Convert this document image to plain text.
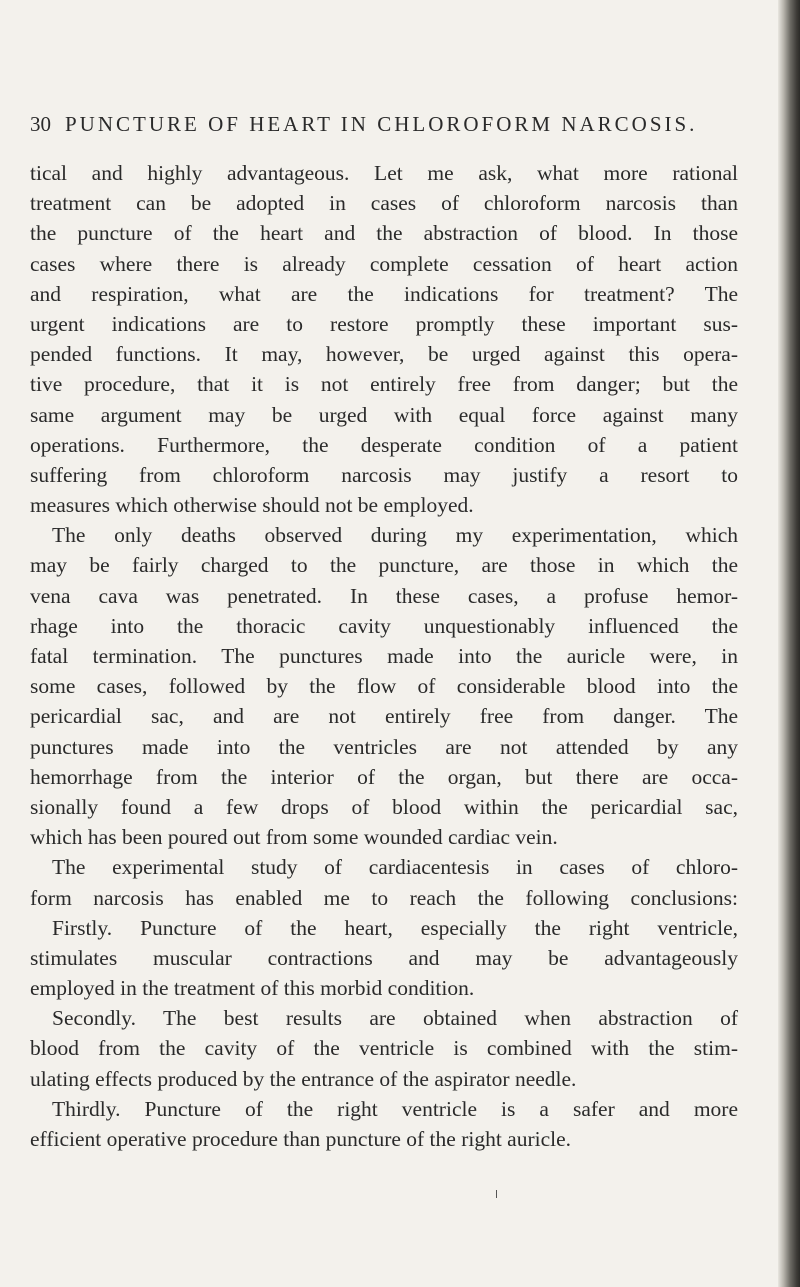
30 PUNCTURE OF HEART IN CHLOROFORM NARCOSIS.
tical and highly advantageous. Let me ask, what more rational
treatment can be adopted in cases of chloroform narcosis than
the puncture of the heart and the abstraction of blood. In those
cases where there is already complete cessation of heart action
and respiration, what are the indications for treatment? The
urgent indications are to restore promptly these important sus-
pended functions. It may, however, be urged against this opera-
tive procedure, that it is not entirely free from danger; but the
same argument may be urged with equal force against many
operations. Furthermore, the desperate condition of a patient
suffering from chloroform narcosis may justify a resort to
measures which otherwise should not be employed.
The only deaths observed during my experimentation, which
may be fairly charged to the puncture, are those in which the
vena cava was penetrated. In these cases, a profuse hemor-
rhage into the thoracic cavity unquestionably influenced the
fatal termination. The punctures made into the auricle were, in
some cases, followed by the flow of considerable blood into the
pericardial sac, and are not entirely free from danger. The
punctures made into the ventricles are not attended by any
hemorrhage from the interior of the organ, but there are occa-
sionally found a few drops of blood within the pericardial sac,
which has been poured out from some wounded cardiac vein.
The experimental study of cardiacentesis in cases of chloro-
form narcosis has enabled me to reach the following conclusions:
Firstly. Puncture of the heart, especially the right ventricle,
stimulates muscular contractions and may be advantageously
employed in the treatment of this morbid condition.
Secondly. The best results are obtained when abstraction of
blood from the cavity of the ventricle is combined with the stim-
ulating effects produced by the entrance of the aspirator needle.
Thirdly. Puncture of the right ventricle is a safer and more
efficient operative procedure than puncture of the right auricle.
